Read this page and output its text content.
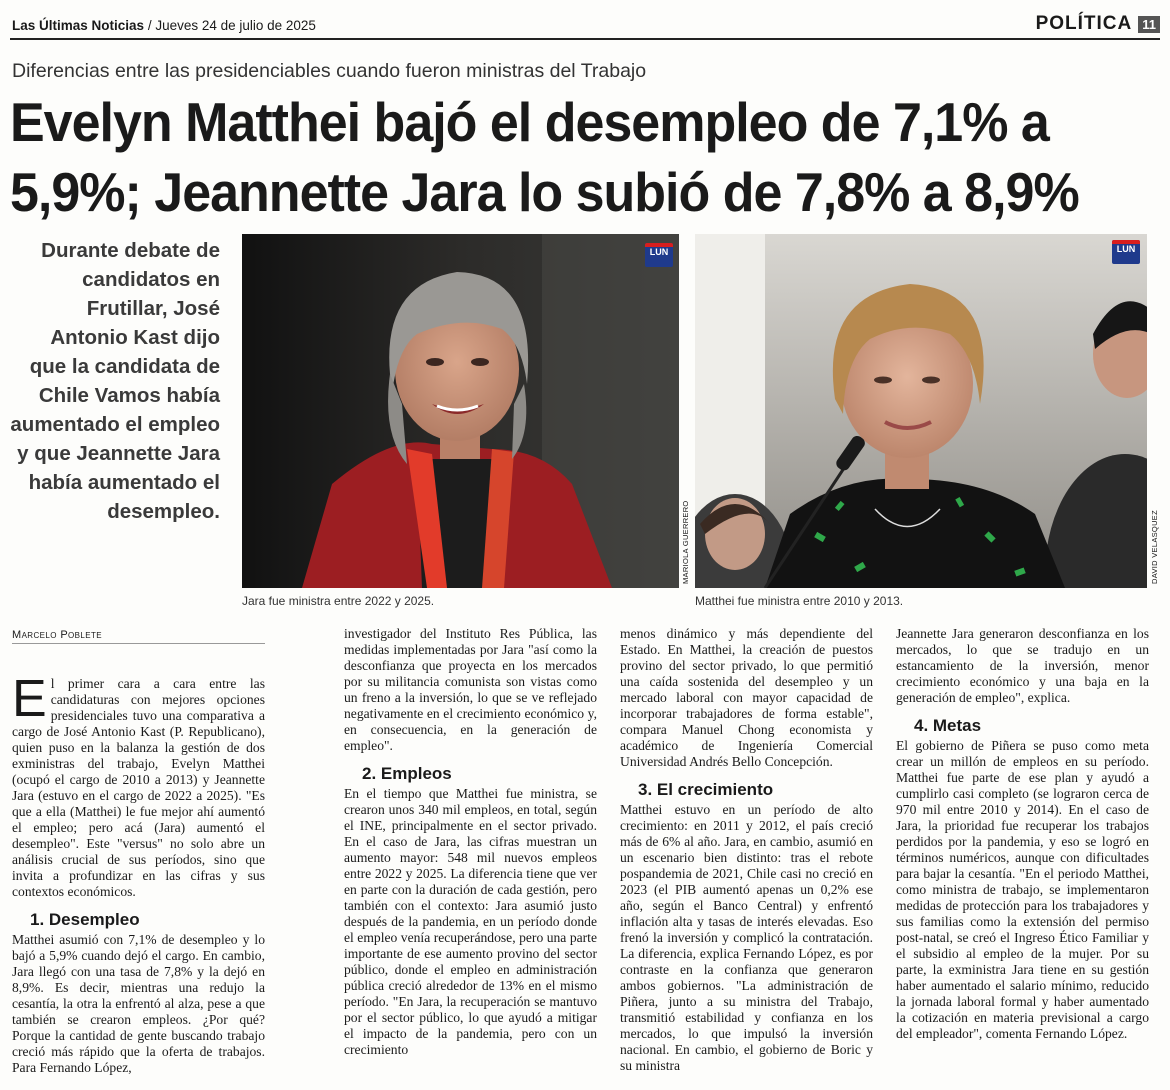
Las Últimas Noticias / Jueves 24 de julio de 2025	POLÍTICA 11
Diferencias entre las presidenciables cuando fueron ministras del Trabajo
Evelyn Matthei bajó el desempleo de 7,1% a
5,9%; Jeannette Jara lo subió de 7,8% a 8,9%
Durante debate de candidatos en Frutillar, José Antonio Kast dijo que la candidata de Chile Vamos había aumentado el empleo y que Jeannette Jara había aumentado el desempleo.
LUN
MARIOLA GUERRERO
Jara fue ministra entre 2022 y 2025.
LUN
DAVID VELASQUEZ
Matthei fue ministra entre 2010 y 2013.
Marcelo Poblete

El primer cara a cara entre las candidaturas con mejores opciones presidenciales tuvo una comparativa a cargo de José Antonio Kast (P. Republicano), quien puso en la balanza la gestión de dos exministras del trabajo, Evelyn Matthei (ocupó el cargo de 2010 a 2013) y Jeannette Jara (estuvo en el cargo de 2022 a 2025). "Es que a ella (Matthei) le fue mejor ahí aumentó el empleo; pero acá (Jara) aumentó el desempleo". Este "versus" no solo abre un análisis crucial de sus períodos, sino que invita a profundizar en las cifras y sus contextos económicos.

1. Desempleo

Matthei asumió con 7,1% de desempleo y lo bajó a 5,9% cuando dejó el cargo. En cambio, Jara llegó con una tasa de 7,8% y la dejó en 8,9%. Es decir, mientras una redujo la cesantía, la otra la enfrentó al alza, pese a que también se crearon empleos. ¿Por qué? Porque la cantidad de gente buscando trabajo creció más rápido que la oferta de trabajos. Para Fernando López,

investigador del Instituto Res Pública, las medidas implementadas por Jara "así como la desconfianza que proyecta en los mercados por su militancia comunista son vistas como un freno a la inversión, lo que se ve reflejado negativamente en el crecimiento económico y, en consecuencia, en la generación de empleo".

2. Empleos

En el tiempo que Matthei fue ministra, se crearon unos 340 mil empleos, en total, según el INE, principalmente en el sector privado. En el caso de Jara, las cifras muestran un aumento mayor: 548 mil nuevos empleos entre 2022 y 2025. La diferencia tiene que ver en parte con la duración de cada gestión, pero también con el contexto: Jara asumió justo después de la pandemia, en un período donde el empleo venía recuperándose, pero una parte importante de ese aumento provino del sector público, donde el empleo en administración pública creció alrededor de 13% en el mismo período. "En Jara, la recuperación se mantuvo por el sector público, lo que ayudó a mitigar el impacto de la pandemia, pero con un crecimiento

menos dinámico y más dependiente del Estado. En Matthei, la creación de puestos provino del sector privado, lo que permitió una caída sostenida del desempleo y un mercado laboral con mayor capacidad de incorporar trabajadores de forma estable", compara Manuel Chong economista y académico de Ingeniería Comercial Universidad Andrés Bello Concepción.

3. El crecimiento

Matthei estuvo en un período de alto crecimiento: en 2011 y 2012, el país creció más de 6% al año. Jara, en cambio, asumió en un escenario bien distinto: tras el rebote pospandemia de 2021, Chile casi no creció en 2023 (el PIB aumentó apenas un 0,2% ese año, según el Banco Central) y enfrentó inflación alta y tasas de interés elevadas. Eso frenó la inversión y complicó la contratación. La diferencia, explica Fernando López, es por contraste en la confianza que generaron ambos gobiernos. "La administración de Piñera, junto a su ministra del Trabajo, transmitió estabilidad y confianza en los mercados, lo que impulsó la inversión nacional. En cambio, el gobierno de Boric y su ministra

Jeannette Jara generaron desconfianza en los mercados, lo que se tradujo en un estancamiento de la inversión, menor crecimiento económico y una baja en la generación de empleo", explica.

4. Metas

El gobierno de Piñera se puso como meta crear un millón de empleos en su período. Matthei fue parte de ese plan y ayudó a cumplirlo casi completo (se lograron cerca de 970 mil entre 2010 y 2014). En el caso de Jara, la prioridad fue recuperar los trabajos perdidos por la pandemia, y eso se logró en términos numéricos, aunque con dificultades para bajar la cesantía. "En el periodo Matthei, como ministra de trabajo, se implementaron medidas de protección para los trabajadores y sus familias como la extensión del permiso post-natal, se creó el Ingreso Ético Familiar y el subsidio al empleo de la mujer. Por su parte, la exministra Jara tiene en su gestión haber aumentado el salario mínimo, reducido la jornada laboral formal y haber aumentado la cotización en materia previsional a cargo del empleador", comenta Fernando López.
